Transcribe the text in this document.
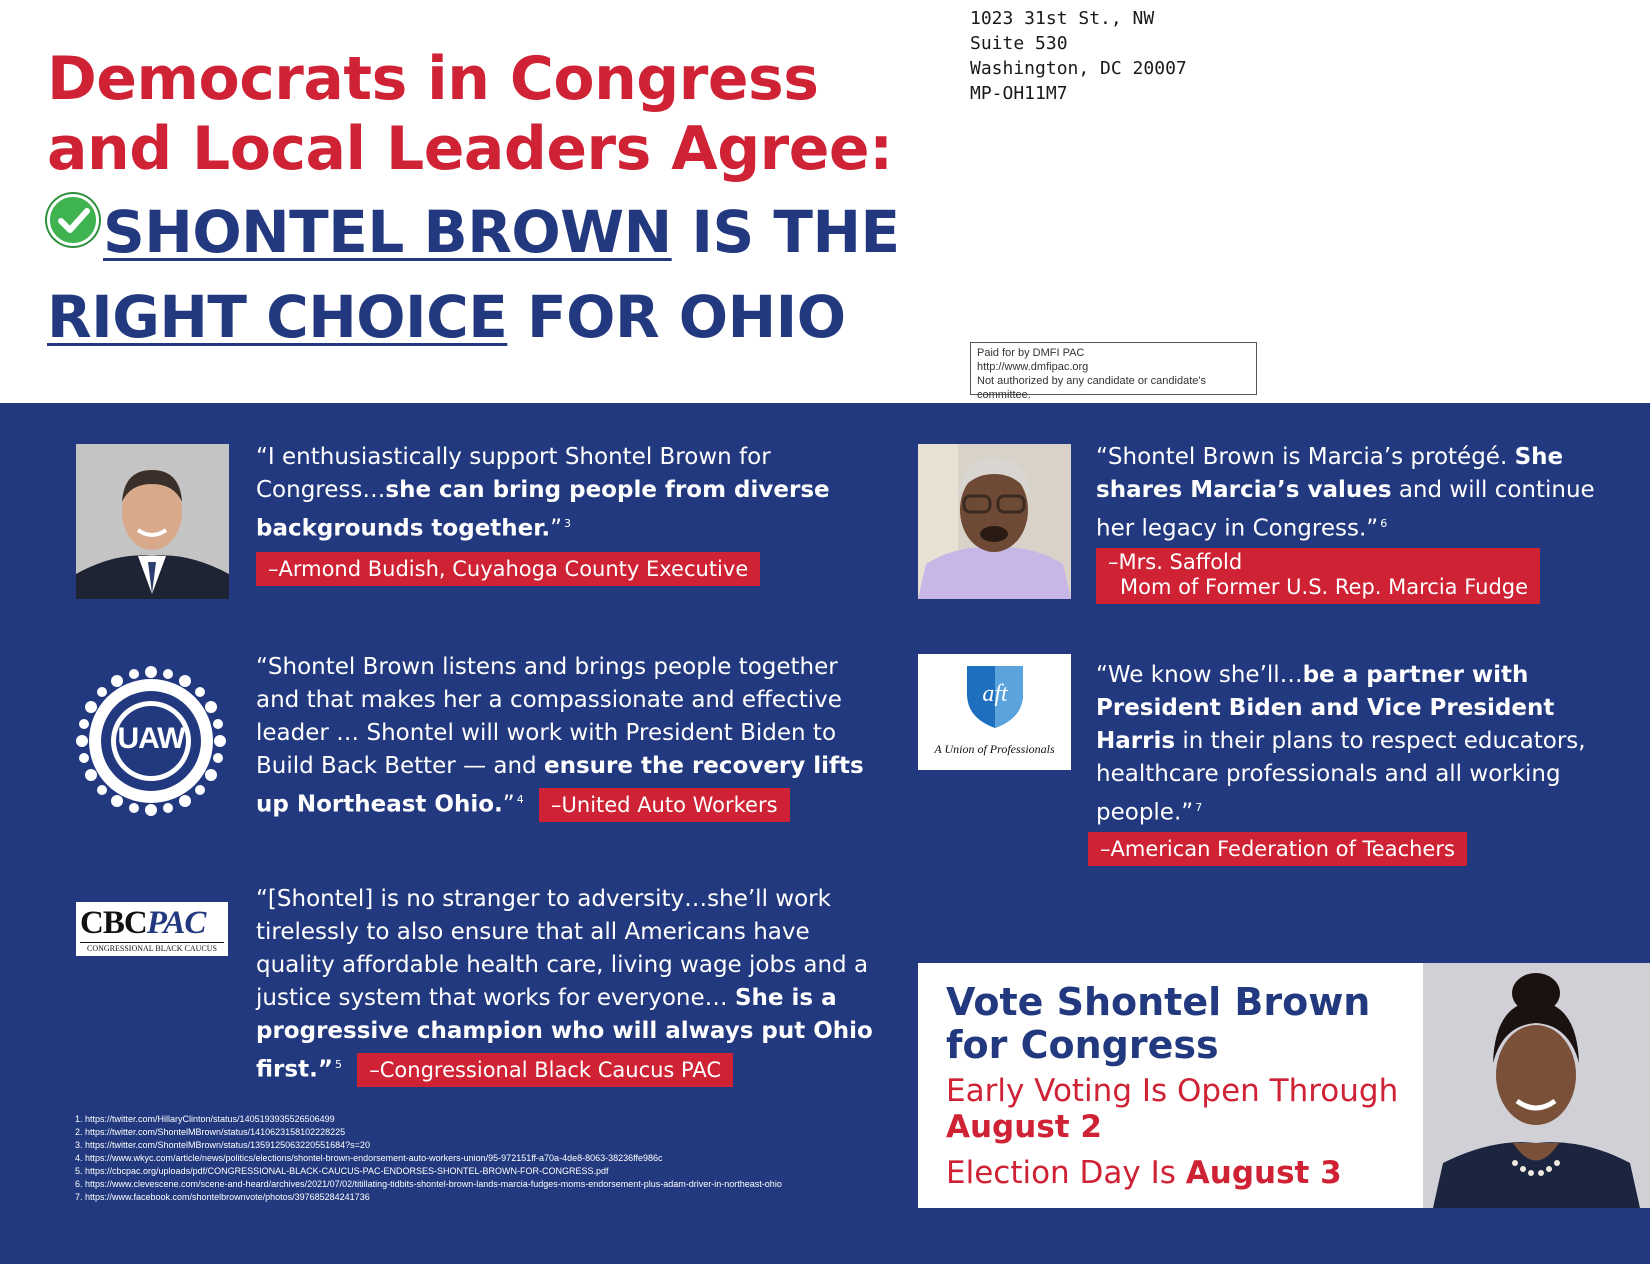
Democrats in Congress
and Local Leaders Agree:
SHONTEL BROWN IS THE
RIGHT CHOICE FOR OHIO
1023 31st St., NW
Suite 530
Washington, DC 20007
MP-OH11M7
Paid for by DMFI PAC
http://www.dmfipac.org
Not authorized by any candidate or candidate's committee.
“I enthusiastically support Shontel Brown for Congress…she can bring people from diverse backgrounds together.” $^3$
–Armond Budish, Cuyahoga County Executive
UAW
“Shontel Brown listens and brings people together and that makes her a compassionate and effective leader … Shontel will work with President Biden to Build Back Better — and ensure the recovery lifts up Northeast Ohio.” $^4$ –United Auto Workers
CBCPAC
CONGRESSIONAL BLACK CAUCUS
“[Shontel] is no stranger to adversity…she’ll work tirelessly to also ensure that all Americans have quality affordable health care, living wage jobs and a justice system that works for everyone… She is a progressive champion who will always put Ohio first.” $^5$ –Congressional Black Caucus PAC
“Shontel Brown is Marcia’s protégé. She shares Marcia’s values and will continue her legacy in Congress.” $^6$
–Mrs. Saffold
Mom of Former U.S. Rep. Marcia Fudge
aft
A Union of Professionals
“We know she’ll…be a partner with President Biden and Vice President Harris in their plans to respect educators, healthcare professionals and all working people.” $^7$
–American Federation of Teachers
1. https://twitter.com/HillaryClinton/status/1405193935526506499
2. https://twitter.com/ShontelMBrown/status/1410623158102228225
3. https://twitter.com/ShontelMBrown/status/1359125063220551684?s=20
4. https://www.wkyc.com/article/news/politics/elections/shontel-brown-endorsement-auto-workers-union/95-972151ff-a70a-4de8-8063-38236ffe986c
5. https://cbcpac.org/uploads/pdf/CONGRESSIONAL-BLACK-CAUCUS-PAC-ENDORSES-SHONTEL-BROWN-FOR-CONGRESS.pdf
6. https://www.clevescene.com/scene-and-heard/archives/2021/07/02/titillating-tidbits-shontel-brown-lands-marcia-fudges-moms-endorsement-plus-adam-driver-in-northeast-ohio
7. https://www.facebook.com/shontelbrownvote/photos/397685284241736
Vote Shontel Brown for Congress
Early Voting Is Open Through August 2
Election Day Is August 3
